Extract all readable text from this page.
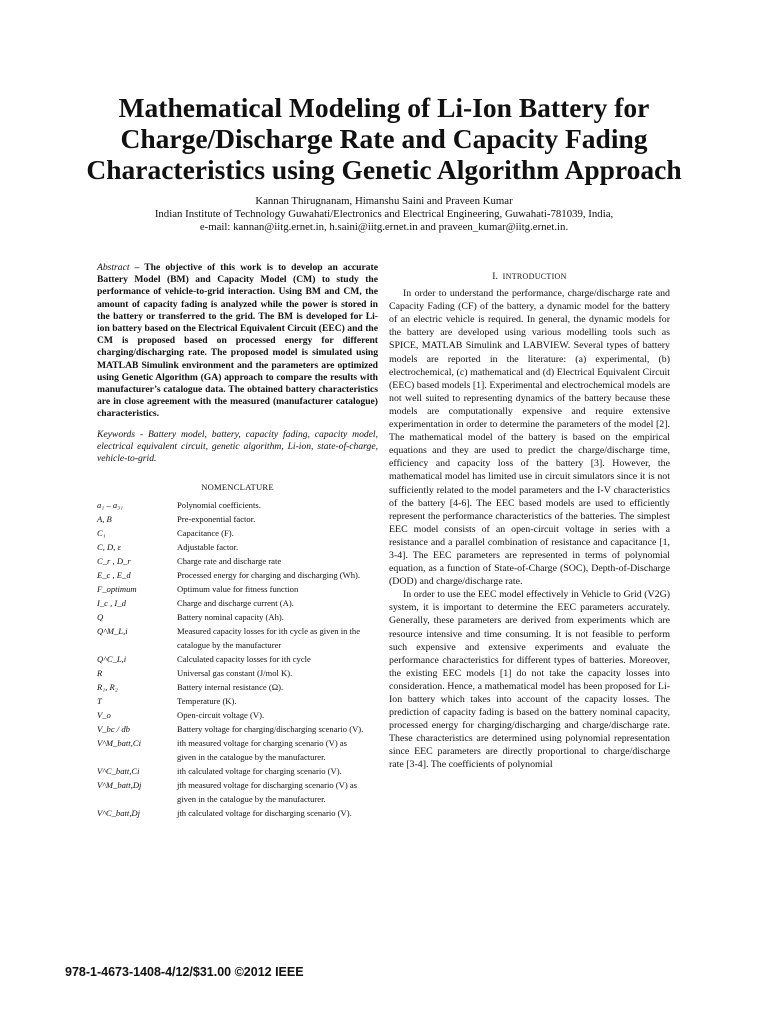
Mathematical Modeling of Li-Ion Battery for Charge/Discharge Rate and Capacity Fading Characteristics using Genetic Algorithm Approach
Kannan Thirugnanam, Himanshu Saini and Praveen Kumar
Indian Institute of Technology Guwahati/Electronics and Electrical Engineering, Guwahati-781039, India,
e-mail: kannan@iitg.ernet.in, h.saini@iitg.ernet.in and praveen_kumar@iitg.ernet.in.

Abstract – The objective of this work is to develop an accurate Battery Model (BM) and Capacity Model (CM) to study the performance of vehicle-to-grid interaction. Using BM and CM, the amount of capacity fading is analyzed while the power is stored in the battery or transferred to the grid. The BM is developed for Li-ion battery based on the Electrical Equivalent Circuit (EEC) and the CM is proposed based on processed energy for different charging/discharging rate. The proposed model is simulated using MATLAB Simulink environment and the parameters are optimized using Genetic Algorithm (GA) approach to compare the results with manufacturer’s catalogue data. The obtained battery characteristics are in close agreement with the measured (manufacturer catalogue) characteristics.

Keywords - Battery model, battery, capacity fading, capacity model, electrical equivalent circuit, genetic algorithm, Li-ion, state-of-charge, vehicle-to-grid.

NOMENCLATURE
a₁ – a₃₁	Polynomial coefficients.
A, B	Pre-exponential factor.
C₁	Capacitance (F).
C, D, ε	Adjustable factor.
C_r , D_r	Charge rate and discharge rate
E_c , E_d	Processed energy for charging and discharging (Wh).
F_optimum	Optimum value for fitness function
I_c , I_d	Charge and discharge current (A).
Q	Battery nominal capacity (Ah).
Q^M_L,i	Measured capacity losses for ith cycle as given in the
catalogue by the manufacturer
Q^C_L,i	Calculated capacity losses for ith cycle
R	Universal gas constant (J/mol K).
R₁, R₂	Battery internal resistance (Ω).
T	Temperature (K).
V_o	Open-circuit voltage (V).
V_bc / db	Battery voltage for charging/discharging scenario (V).
V^M_batt,Ci	ith measured voltage for charging scenario (V) as
given in the catalogue by the manufacturer.
V^C_batt,Ci	ith calculated voltage for charging scenario (V).
V^M_batt,Dj	jth measured voltage for discharging scenario (V) as
given in the catalogue by the manufacturer.
V^C_batt,Dj	jth calculated voltage for discharging scenario (V).
I. INTRODUCTION

In order to understand the performance, charge/discharge rate and Capacity Fading (CF) of the battery, a dynamic model for the battery of an electric vehicle is required. In general, the dynamic models for the battery are developed using various modelling tools such as SPICE, MATLAB Simulink and LABVIEW. Several types of battery models are reported in the literature: (a) experimental, (b) electrochemical, (c) mathematical and (d) Electrical Equivalent Circuit (EEC) based models [1]. Experimental and electrochemical models are not well suited to representing dynamics of the battery because these models are computationally expensive and require extensive experimentation in order to determine the parameters of the model [2]. The mathematical model of the battery is based on the empirical equations and they are used to predict the charge/discharge time, efficiency and capacity loss of the battery [3]. However, the mathematical model has limited use in circuit simulators since it is not sufficiently related to the model parameters and the I-V characteristics of the battery [4-6]. The EEC based models are used to efficiently represent the performance characteristics of the batteries. The simplest EEC model consists of an open-circuit voltage in series with a resistance and a parallel combination of resistance and capacitance [1, 3-4]. The EEC parameters are represented in terms of polynomial equation, as a function of State-of-Charge (SOC), Depth-of-Discharge (DOD) and charge/discharge rate.

In order to use the EEC model effectively in Vehicle to Grid (V2G) system, it is important to determine the EEC parameters accurately. Generally, these parameters are derived from experiments which are resource intensive and time consuming. It is not feasible to perform such expensive and extensive experiments and evaluate the performance characteristics for different types of batteries. Moreover, the existing EEC models [1] do not take the capacity losses into consideration. Hence, a mathematical model has been proposed for Li-Ion battery which takes into account of the capacity losses. The prediction of capacity fading is based on the battery nominal capacity, processed energy for charging/discharging and charge/discharge rate. These characteristics are determined using polynomial representation since EEC parameters are directly proportional to charge/discharge rate [3-4]. The coefficients of polynomial

978-1-4673-1408-4/12/$31.00 ©2012 IEEE
